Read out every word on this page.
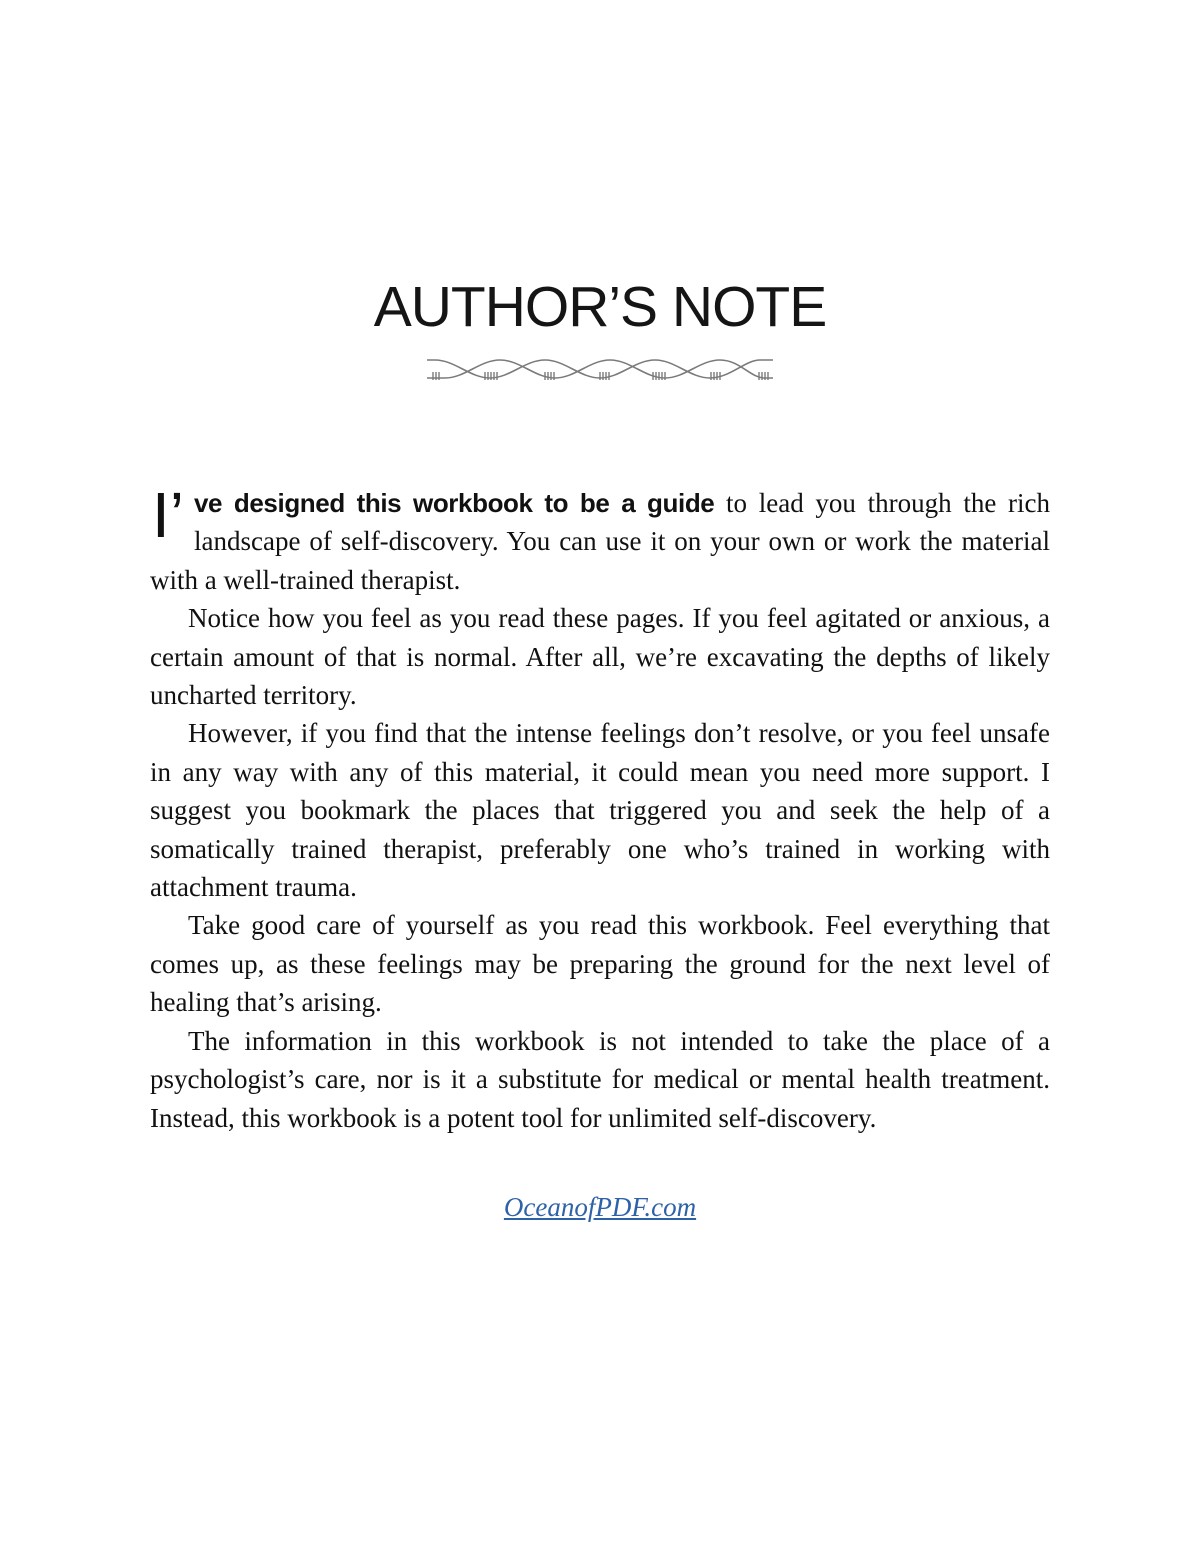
AUTHOR’S NOTE

I’ ve designed this workbook to be a guide to lead you through the rich landscape of self-discovery. You can use it on your own or work the material with a well-trained therapist.

Notice how you feel as you read these pages. If you feel agitated or anxious, a certain amount of that is normal. After all, we’re excavating the depths of likely uncharted territory.

However, if you find that the intense feelings don’t resolve, or you feel unsafe in any way with any of this material, it could mean you need more support. I suggest you bookmark the places that triggered you and seek the help of a somatically trained therapist, preferably one who’s trained in working with attachment trauma.

Take good care of yourself as you read this workbook. Feel everything that comes up, as these feelings may be preparing the ground for the next level of healing that’s arising.

The information in this workbook is not intended to take the place of a psychologist’s care, nor is it a substitute for medical or mental health treatment. Instead, this workbook is a potent tool for unlimited self-discovery.

OceanofPDF.com
